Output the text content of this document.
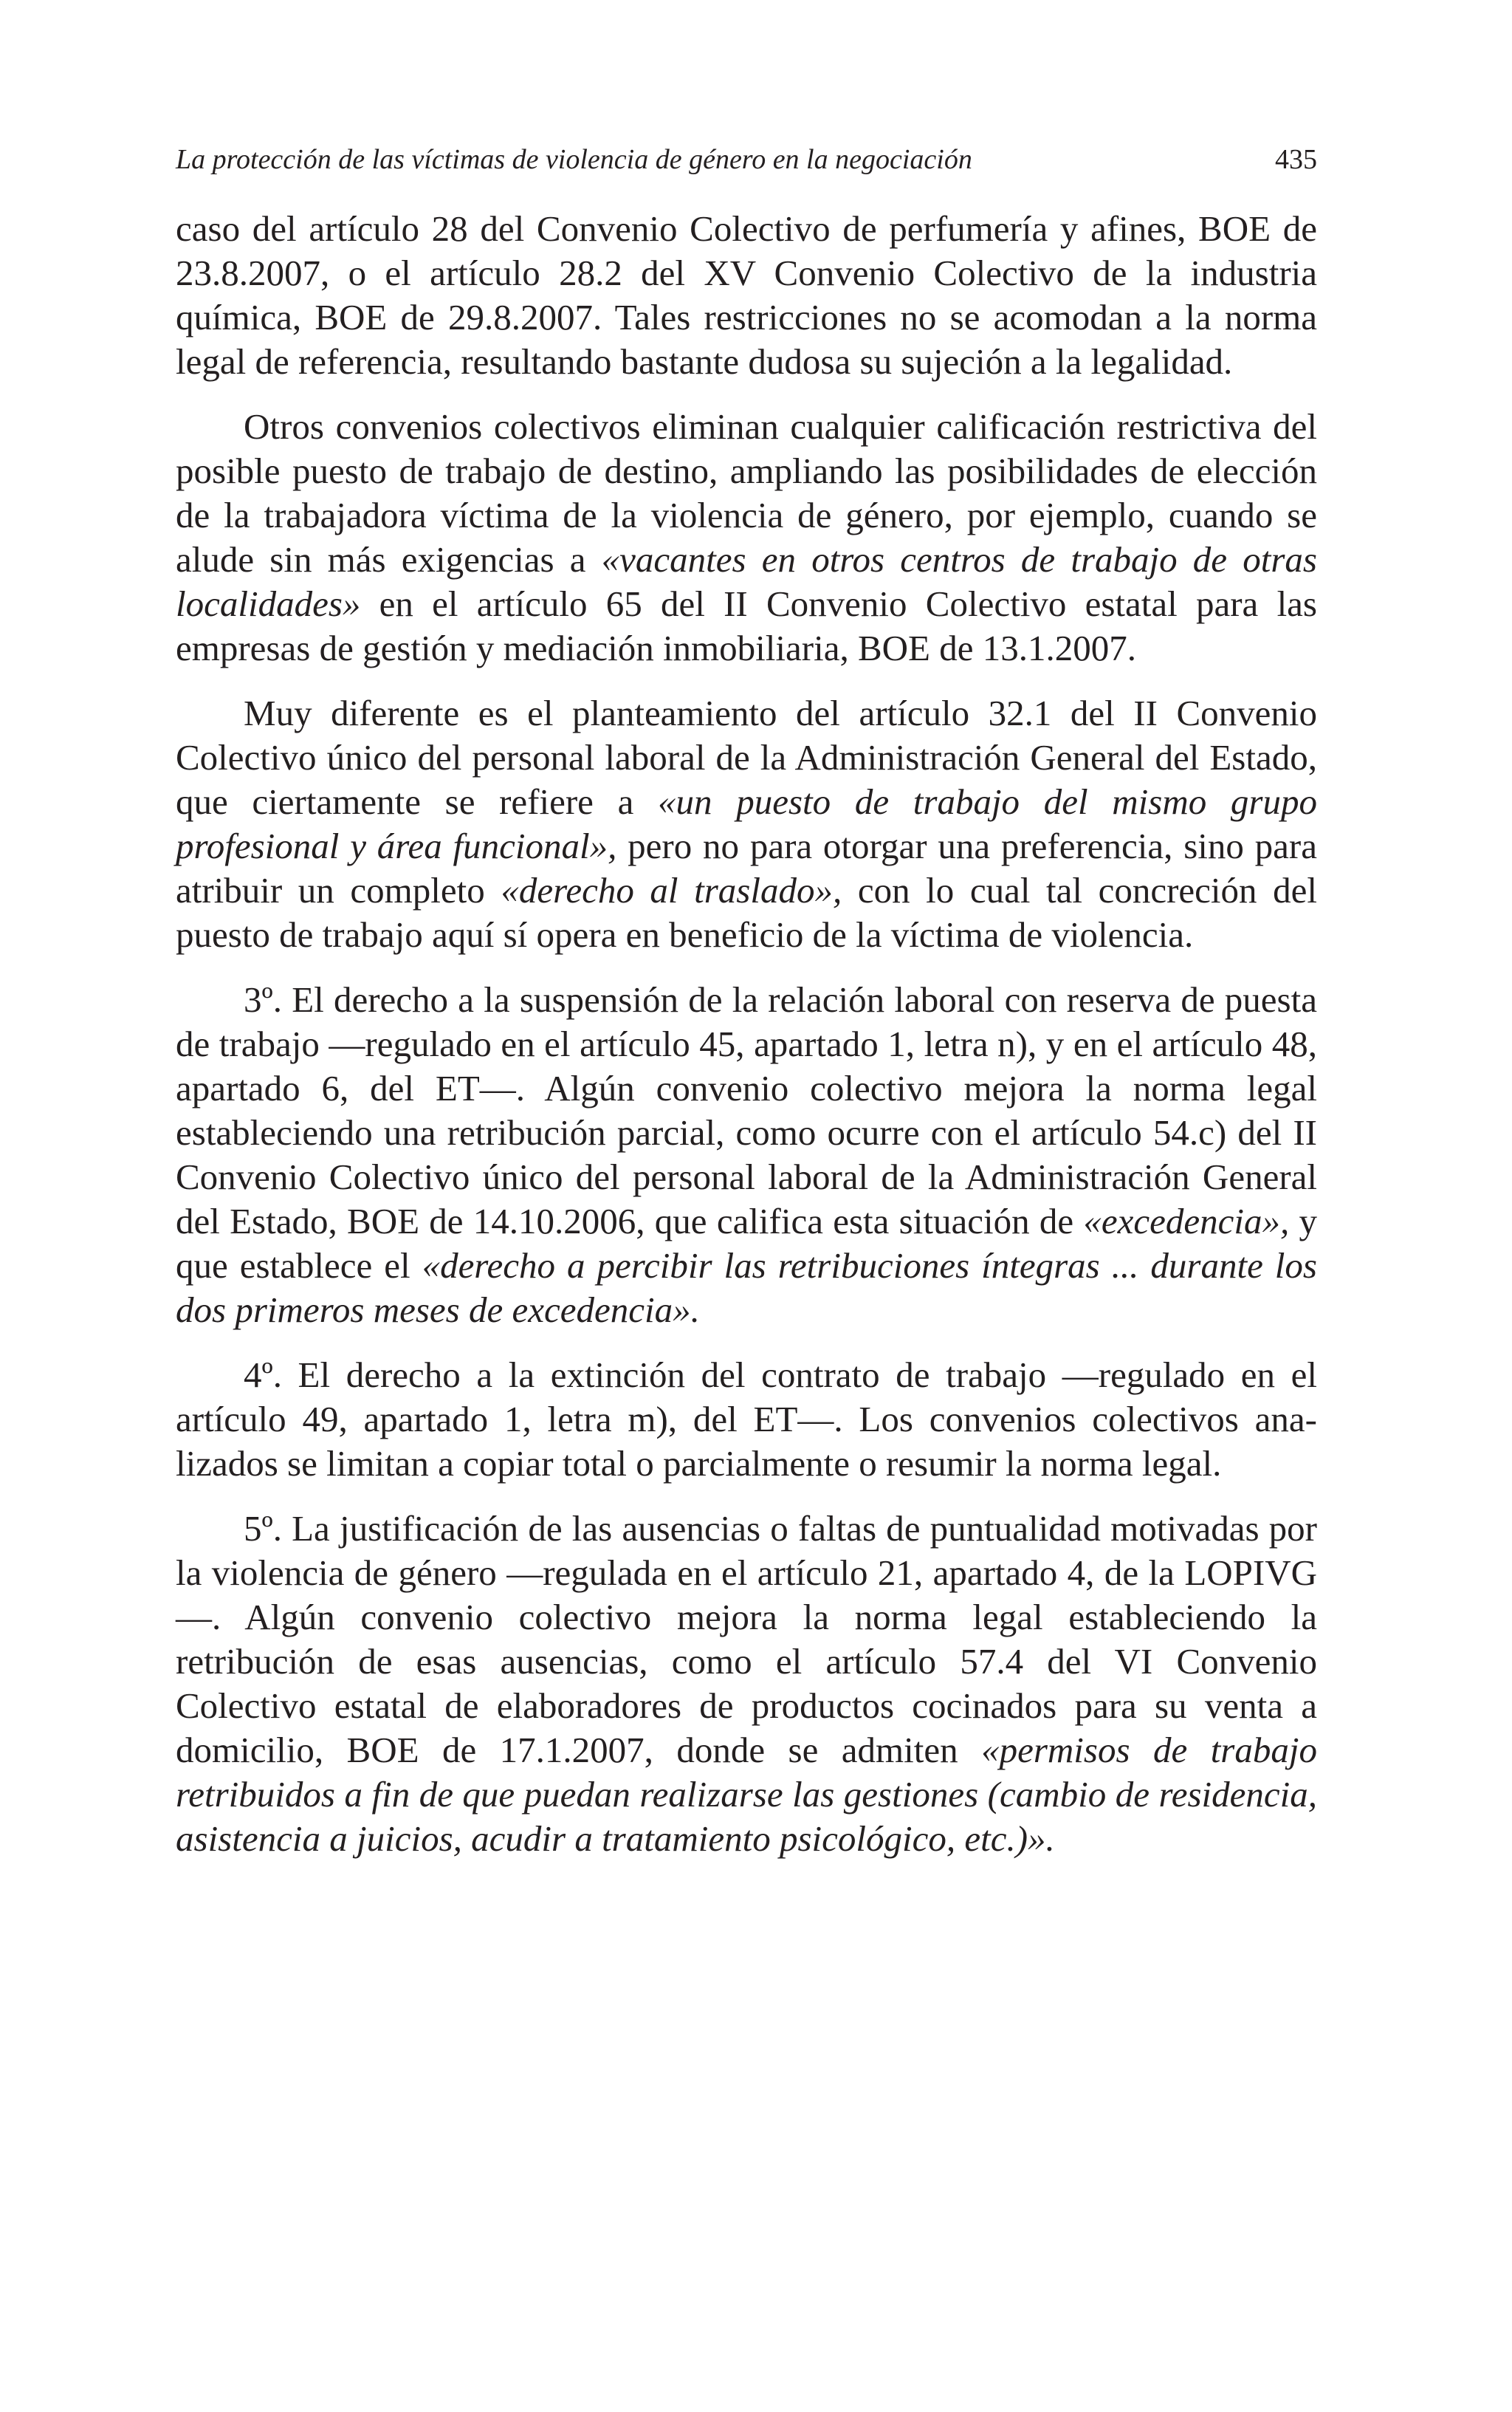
La protección de las víctimas de violencia de género en la negociación	435

caso del artículo 28 del Convenio Colectivo de perfumería y afines, BOE de 23.8.2007, o el artículo 28.2 del XV Convenio Colectivo de la industria química, BOE de 29.8.2007. Tales restricciones no se acomodan a la norma legal de referencia, resultando bastante dudosa su sujeción a la legalidad.

Otros convenios colectivos eliminan cualquier calificación restrictiva del posible puesto de trabajo de destino, ampliando las posibilidades de elección de la trabajadora víctima de la violencia de género, por ejemplo, cuando se alude sin más exigencias a «vacantes en otros centros de trabajo de otras localidades» en el artículo 65 del II Convenio Colectivo estatal para las empresas de gestión y mediación inmobiliaria, BOE de 13.1.2007.

Muy diferente es el planteamiento del artículo 32.1 del II Convenio Colectivo único del personal laboral de la Administración General del Estado, que ciertamente se refiere a «un puesto de trabajo del mismo grupo profesional y área funcional», pero no para otorgar una preferencia, sino para atribuir un completo «derecho al traslado», con lo cual tal concreción del puesto de trabajo aquí sí opera en beneficio de la víctima de violencia.

3º. El derecho a la suspensión de la relación laboral con reserva de puesta de trabajo —regulado en el artículo 45, apartado 1, letra n), y en el artículo 48, apartado 6, del ET—. Algún convenio colectivo mejora la norma legal estableciendo una retribución parcial, como ocurre con el artículo 54.c) del II Convenio Colectivo único del personal laboral de la Administración General del Estado, BOE de 14.10.2006, que califica esta situación de «excedencia», y que establece el «derecho a percibir las retribuciones íntegras ... durante los dos primeros meses de excedencia».

4º. El derecho a la extinción del contrato de trabajo —regulado en el artículo 49, apartado 1, letra m), del ET—. Los convenios colectivos analizados se limitan a copiar total o parcialmente o resumir la norma legal.

5º. La justificación de las ausencias o faltas de puntualidad motivadas por la violencia de género —regulada en el artículo 21, apartado 4, de la LOPIVG—. Algún convenio colectivo mejora la norma legal estableciendo la retribución de esas ausencias, como el artículo 57.4 del VI Convenio Colectivo estatal de elaboradores de productos cocinados para su venta a domicilio, BOE de 17.1.2007, donde se admiten «permisos de trabajo retribuidos a fin de que puedan realizarse las gestiones (cambio de residencia, asistencia a juicios, acudir a tratamiento psicológico, etc.)».
